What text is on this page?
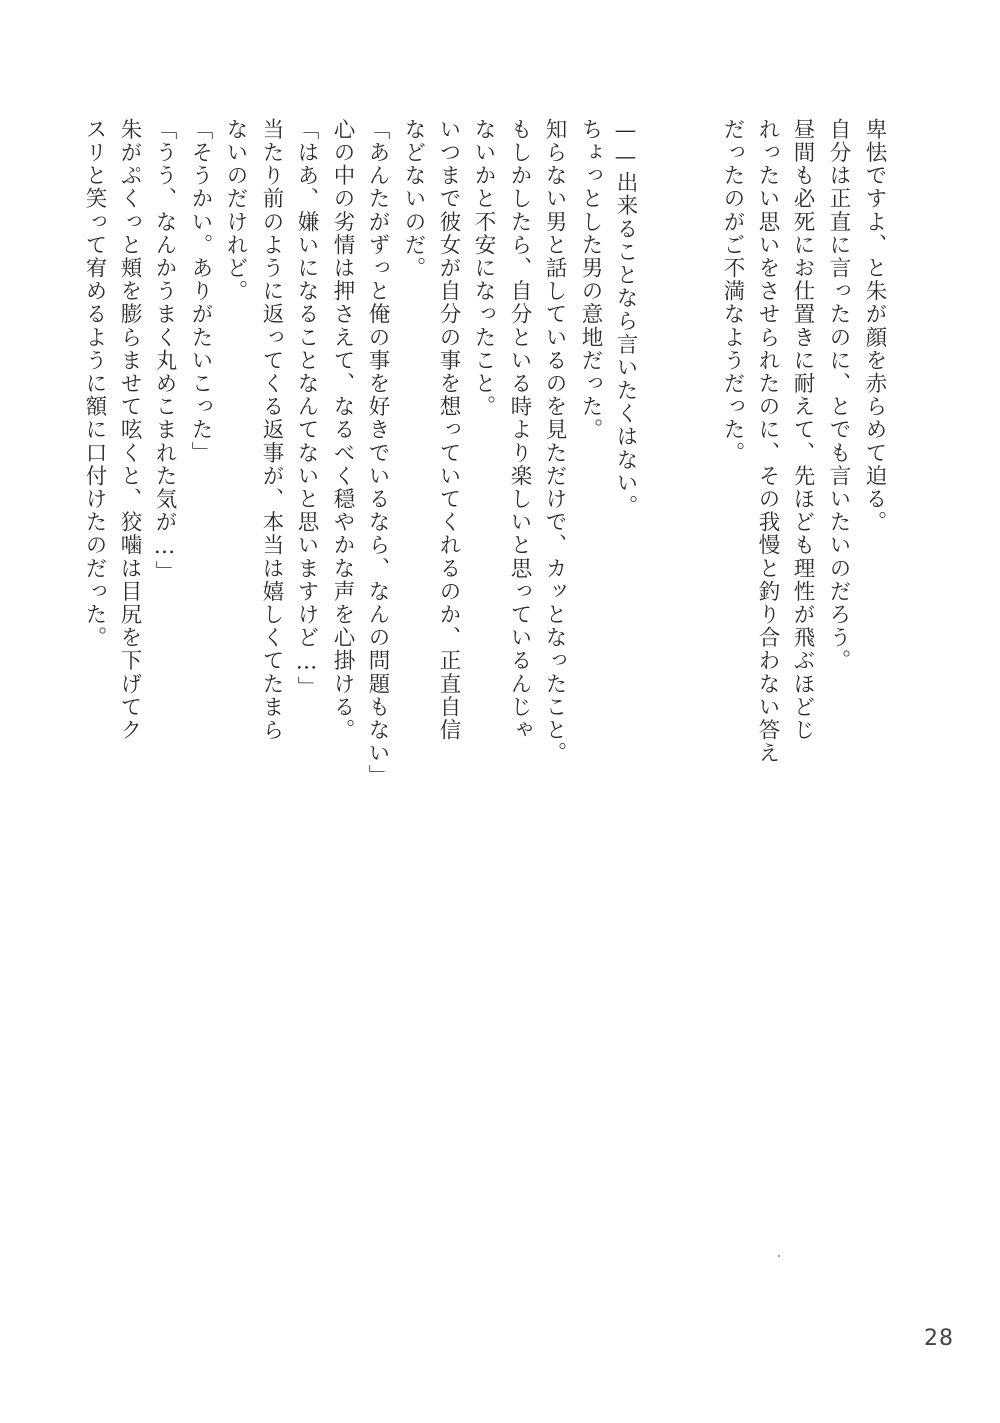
卑怯ですよ、と朱が顔を赤らめて迫る。
自分は正直に言ったのに、とでも言いたいのだろう。
昼間も必死にお仕置きに耐えて、先ほども理性が飛ぶほどじ
れったい思いをさせられたのに、その我慢と釣り合わない答え
だったのがご不満なようだった。
——出来ることなら言いたくはない。
ちょっとした男の意地だった。
知らない男と話しているのを見ただけで、カッとなったこと。
もしかしたら、自分といる時より楽しいと思っているんじゃ
ないかと不安になったこと。
いつまで彼女が自分の事を想っていてくれるのか、正直自信
などないのだ。
「あんたがずっと俺の事を好きでいるなら、なんの問題もない」
心の中の劣情は押さえて、なるべく穏やかな声を心掛ける。
「はあ、嫌いになることなんてないと思いますけど…」
当たり前のように返ってくる返事が、本当は嬉しくてたまら
ないのだけれど。
「そうかい。ありがたいこった」
「うう、なんかうまく丸めこまれた気が…」
朱がぷくっと頬を膨らませて呟くと、狡噛は目尻を下げてク
スリと笑って宥めるように額に口付けたのだった。
28
